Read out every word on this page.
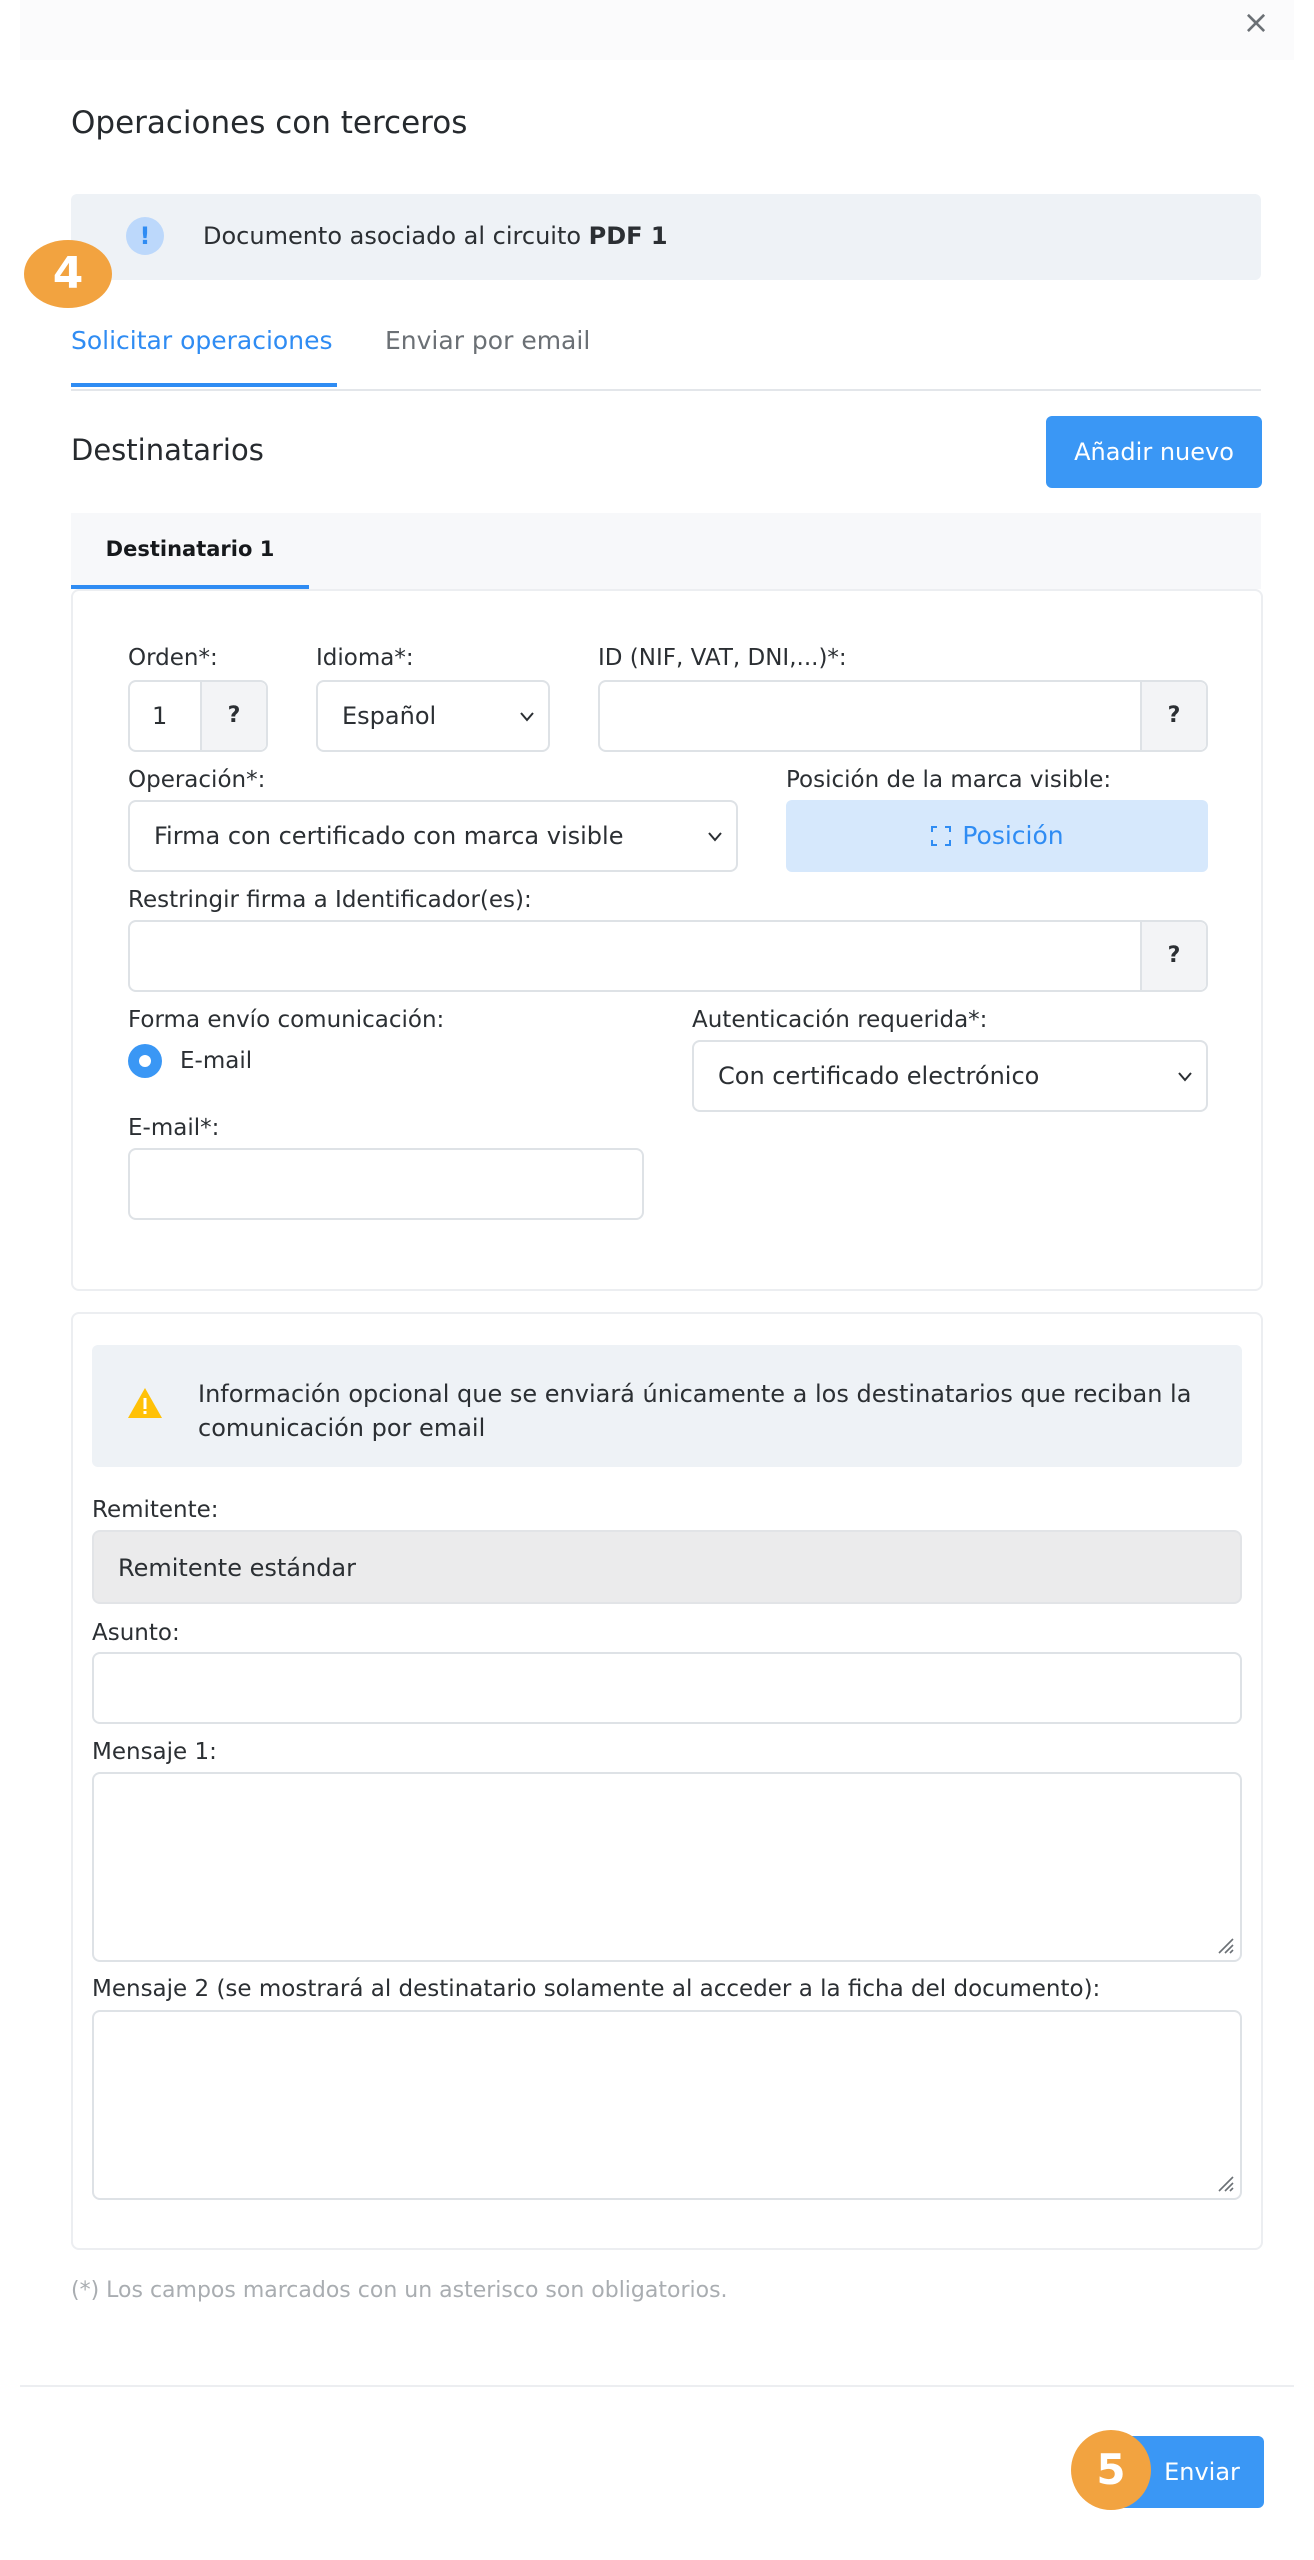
×
Operaciones con terceros
!	Documento asociado al circuito PDF 1
4
Solicitar operaciones Enviar por email
Destinatarios	Añadir nuevo
Destinatario 1
Orden*:
1	?
Idioma*:
Español
ID (NIF, VAT, DNI,...)*:
?
Operación*:
Firma con certificado con marca visible
Posición de la marca visible:
Posición
Restringir firma a Identificador(es):
?
Forma envío comunicación:
E-mail
Autenticación requerida*:
Con certificado electrónico
E-mail*:
Información opcional que se enviará únicamente a los destinatarios que reciban la comunicación por email
Remitente:
Remitente estándar
Asunto:
Mensaje 1:
Mensaje 2 (se mostrará al destinatario solamente al acceder a la ficha del documento):
(*) Los campos marcados con un asterisco son obligatorios.
Enviar
5
